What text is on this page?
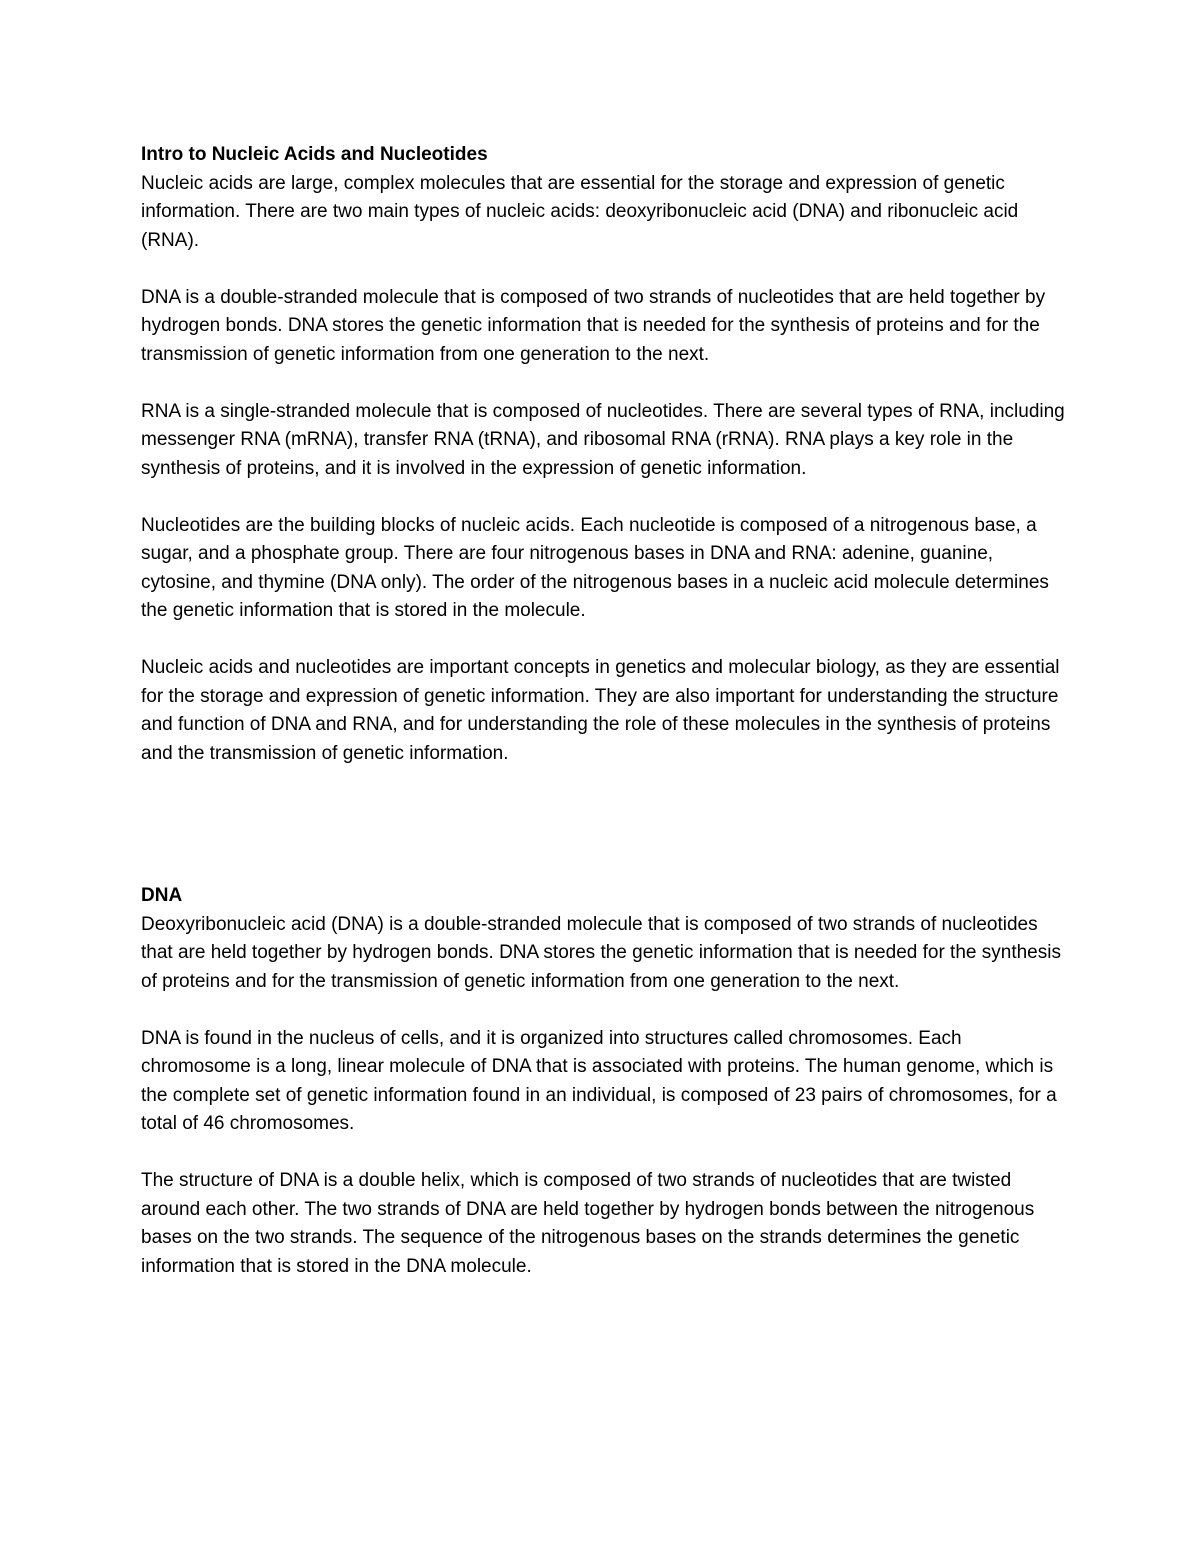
Intro to Nucleic Acids and Nucleotides

Nucleic acids are large, complex molecules that are essential for the storage and expression of genetic information. There are two main types of nucleic acids: deoxyribonucleic acid (DNA) and ribonucleic acid (RNA).

DNA is a double-stranded molecule that is composed of two strands of nucleotides that are held together by hydrogen bonds. DNA stores the genetic information that is needed for the synthesis of proteins and for the transmission of genetic information from one generation to the next.

RNA is a single-stranded molecule that is composed of nucleotides. There are several types of RNA, including messenger RNA (mRNA), transfer RNA (tRNA), and ribosomal RNA (rRNA). RNA plays a key role in the synthesis of proteins, and it is involved in the expression of genetic information.

Nucleotides are the building blocks of nucleic acids. Each nucleotide is composed of a nitrogenous base, a sugar, and a phosphate group. There are four nitrogenous bases in DNA and RNA: adenine, guanine, cytosine, and thymine (DNA only). The order of the nitrogenous bases in a nucleic acid molecule determines the genetic information that is stored in the molecule.

Nucleic acids and nucleotides are important concepts in genetics and molecular biology, as they are essential for the storage and expression of genetic information. They are also important for understanding the structure and function of DNA and RNA, and for understanding the role of these molecules in the synthesis of proteins and the transmission of genetic information.

DNA

Deoxyribonucleic acid (DNA) is a double-stranded molecule that is composed of two strands of nucleotides that are held together by hydrogen bonds. DNA stores the genetic information that is needed for the synthesis of proteins and for the transmission of genetic information from one generation to the next.

DNA is found in the nucleus of cells, and it is organized into structures called chromosomes. Each chromosome is a long, linear molecule of DNA that is associated with proteins. The human genome, which is the complete set of genetic information found in an individual, is composed of 23 pairs of chromosomes, for a total of 46 chromosomes.

The structure of DNA is a double helix, which is composed of two strands of nucleotides that are twisted around each other. The two strands of DNA are held together by hydrogen bonds between the nitrogenous bases on the two strands. The sequence of the nitrogenous bases on the strands determines the genetic information that is stored in the DNA molecule.
